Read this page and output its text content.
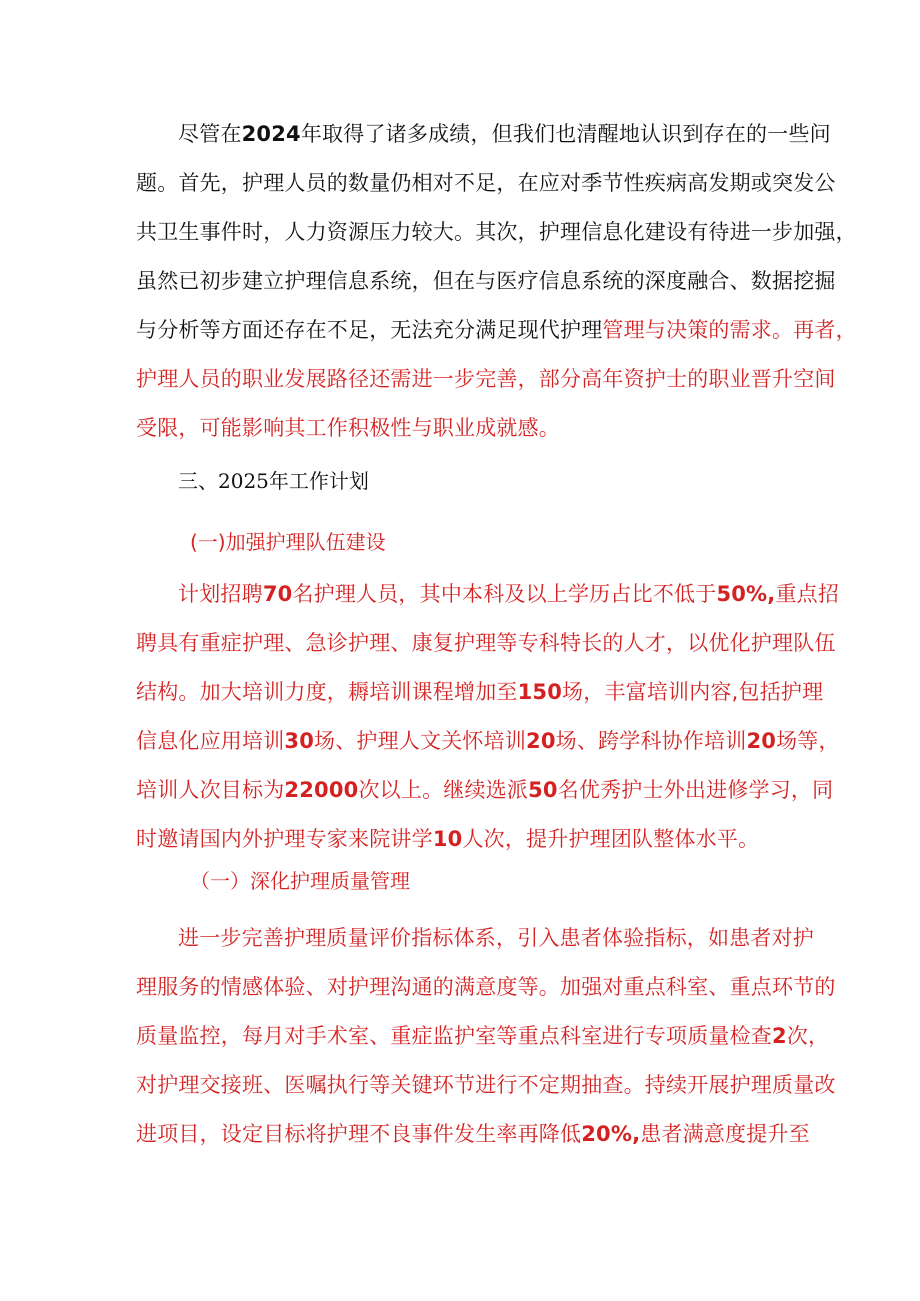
尽管在2024年取得了诸多成绩，但我们也清醒地认识到存在的一些问
题。首先，护理人员的数量仍相对不足，在应对季节性疾病高发期或突发公
共卫生事件时，人力资源压力较大。其次，护理信息化建设有待进一步加强，
虽然已初步建立护理信息系统，但在与医疗信息系统的深度融合、数据挖掘
与分析等方面还存在不足，无法充分满足现代护理管理与决策的需求。再者，
护理人员的职业发展路径还需进一步完善，部分高年资护士的职业晋升空间
受限，可能影响其工作积极性与职业成就感。
三、2025年工作计划
(一)加强护理队伍建设
计划招聘70名护理人员，其中本科及以上学历占比不低于50%,重点招
聘具有重症护理、急诊护理、康复护理等专科特长的人才，以优化护理队伍
结构。加大培训力度，耨培训课程增加至150场，丰富培训内容,包括护理
信息化应用培训30场、护理人文关怀培训20场、跨学科协作培训20场等，
培训人次目标为22000次以上。继续选派50名优秀护士外出进修学习，同
时邀请国内外护理专家来院讲学10人次，提升护理团队整体水平。
（一）深化护理质量管理
进一步完善护理质量评价指标体系，引入患者体验指标，如患者对护
理服务的情感体验、对护理沟通的满意度等。加强对重点科室、重点环节的
质量监控，每月对手术室、重症监护室等重点科室进行专项质量检查2次，
对护理交接班、医嘱执行等关键环节进行不定期抽查。持续开展护理质量改
进项目，设定目标将护理不良事件发生率再降低20%,患者满意度提升至
